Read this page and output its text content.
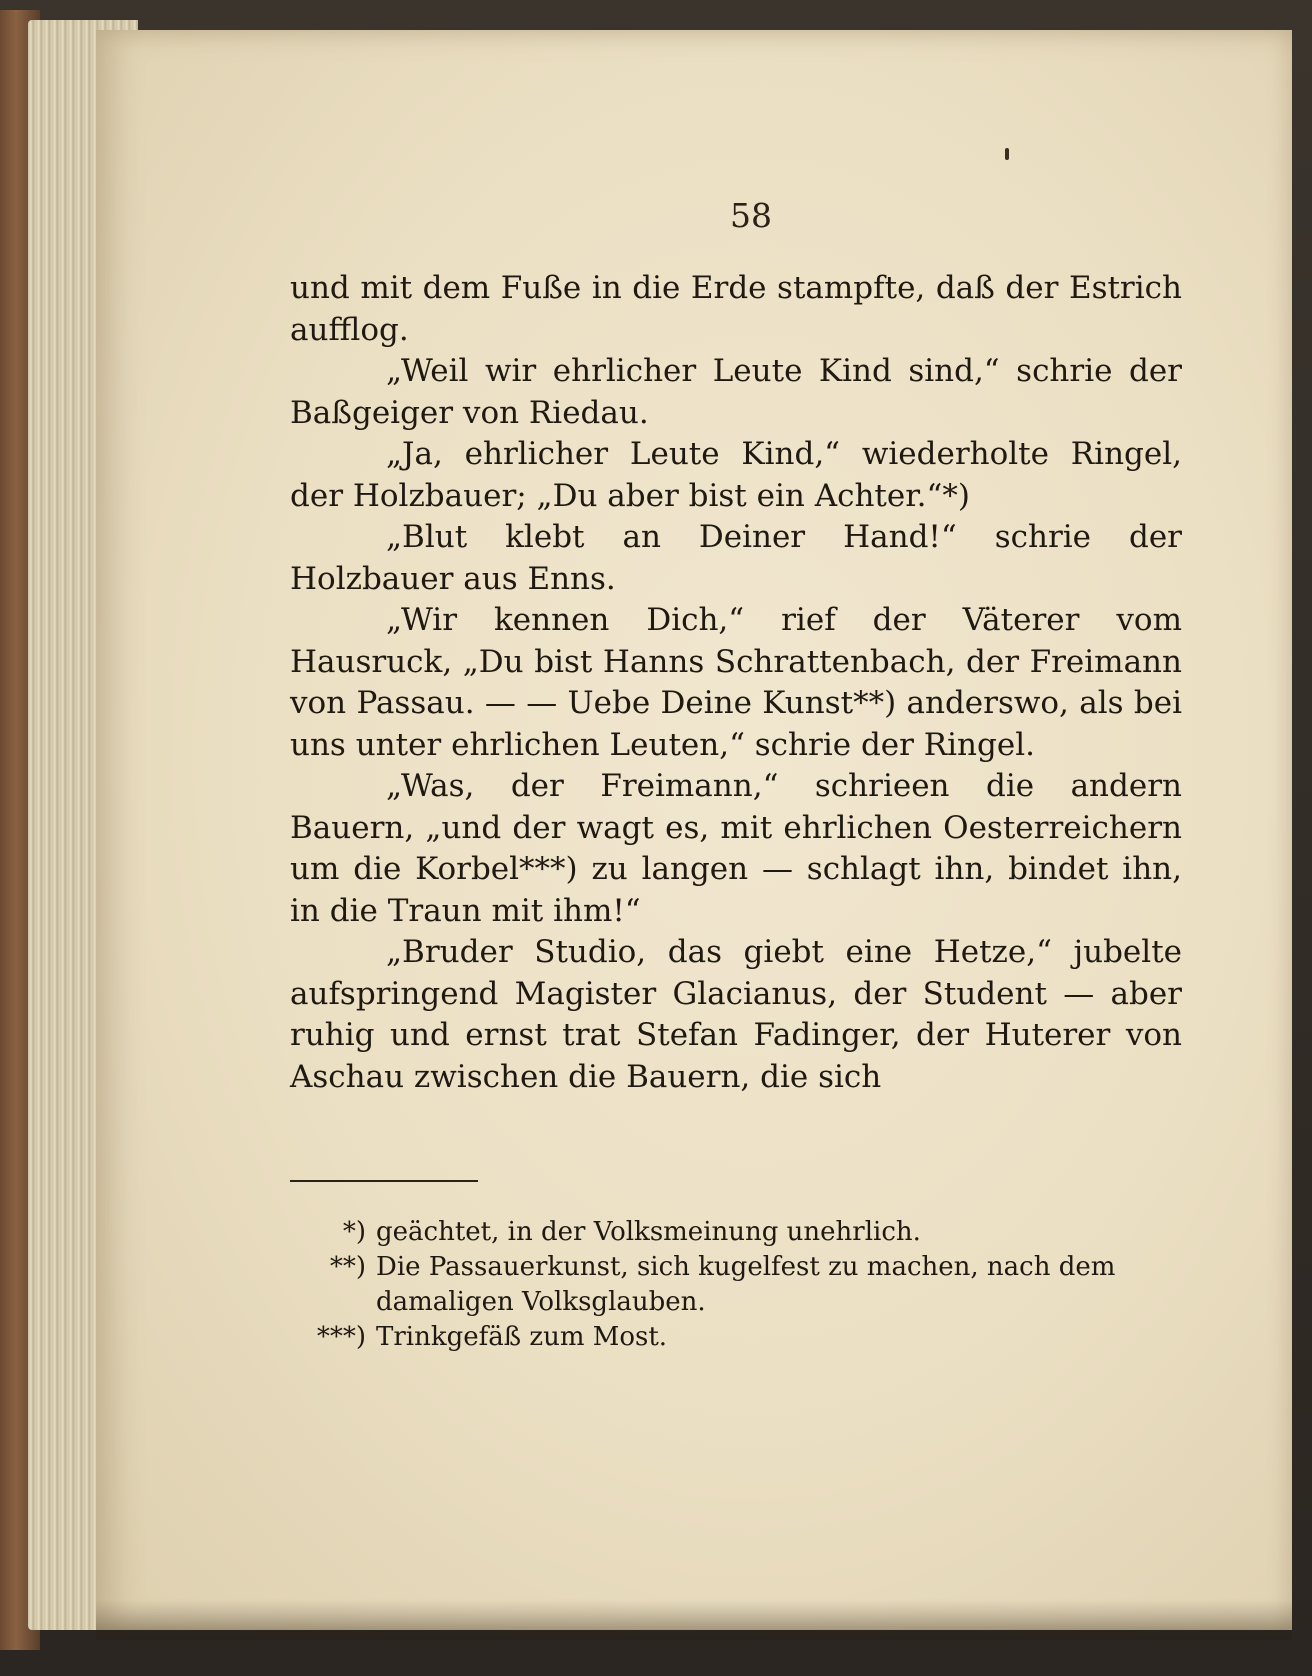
58

und mit dem Fuße in die Erde stampfte, daß der Estrich aufflog.

„Weil wir ehrlicher Leute Kind sind,“ schrie der Baßgeiger von Riedau.

„Ja, ehrlicher Leute Kind,“ wiederholte Ringel, der Holzbauer; „Du aber bist ein Achter.“*)

„Blut klebt an Deiner Hand!“ schrie der Holzbauer aus Enns.

„Wir kennen Dich,“ rief der Väterer vom Hausruck, „Du bist Hanns Schrattenbach, der Freimann von Passau. — — Uebe Deine Kunst**) anderswo, als bei uns unter ehrlichen Leuten,“ schrie der Ringel.

„Was, der Freimann,“ schrieen die andern Bauern, „und der wagt es, mit ehrlichen Oesterreichern um die Korbel***) zu langen — schlagt ihn, bindet ihn, in die Traun mit ihm!“

„Bruder Studio, das giebt eine Hetze,“ jubelte aufspringend Magister Glacianus, der Student — aber ruhig und ernst trat Stefan Fadinger, der Huterer von Aschau zwischen die Bauern, die sich

*) geächtet, in der Volksmeinung unehrlich.
**) Die Passauerkunst, sich kugelfest zu machen, nach dem damaligen Volksglauben.
***) Trinkgefäß zum Most.
